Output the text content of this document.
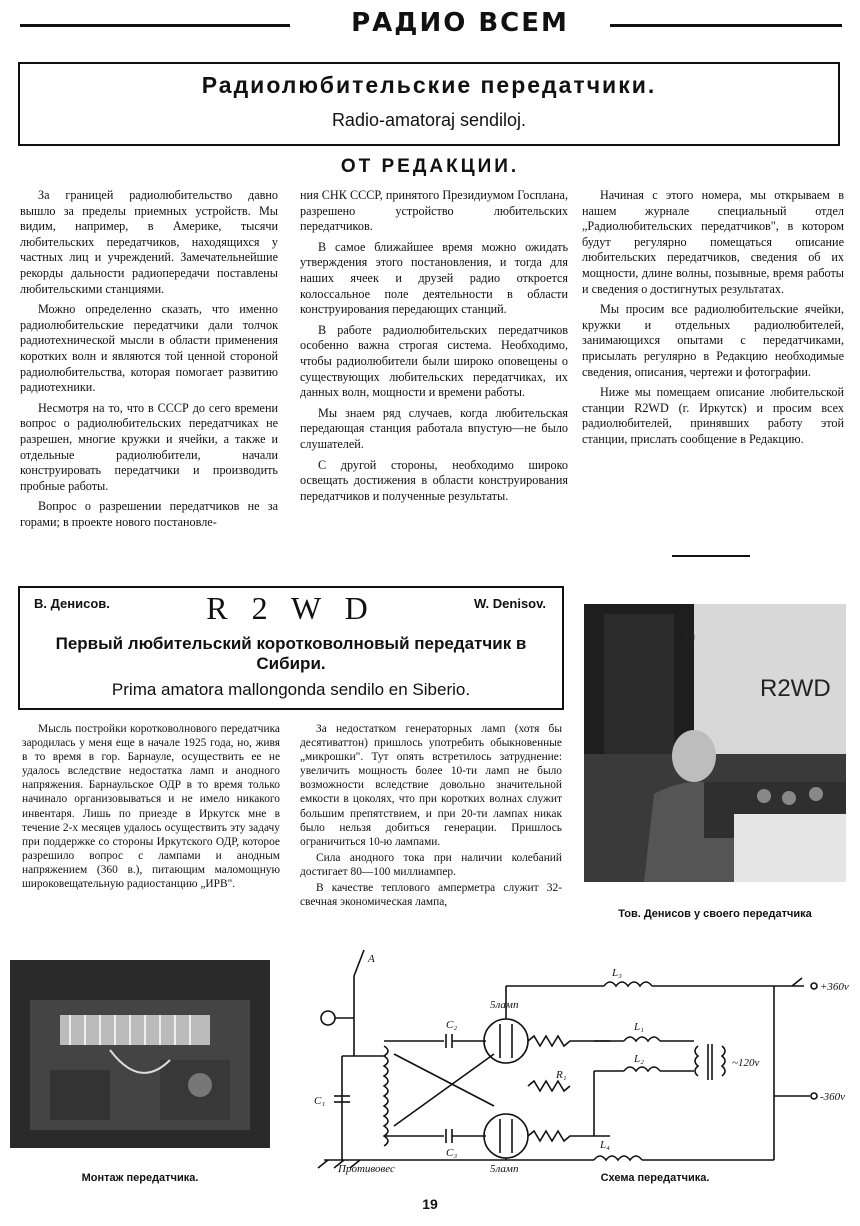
РАДИО ВСЕМ
Радиолюбительские передатчики.
Radio-amatoraj sendiloj.
ОТ РЕДАКЦИИ.

За границей радиолюбительство давно вышло за пределы приемных устройств. Мы видим, например, в Америке, тысячи любительских передатчиков, находящихся у частных лиц и учреждений. Замечательнейшие рекорды дальности радиопередачи поставлены любительскими станциями.

Можно определенно сказать, что именно радиолюбительские передатчики дали толчок радиотехнической мысли в области применения коротких волн и являются той ценной стороной радиолюбительства, которая помогает развитию радиотехники.

Несмотря на то, что в СССР до сего времени вопрос о радиолюбительских передатчиках не разрешен, многие кружки и ячейки, а также и отдельные радиолюбители, начали конструировать передатчики и производить пробные работы.

Вопрос о разрешении передатчиков не за горами; в проекте нового постановле-

ния СНК СССР, принятого Президиумом Госплана, разрешено устройство любительских передатчиков.

В самое ближайшее время можно ожидать утверждения этого постановления, и тогда для наших ячеек и друзей радио откроется колоссальное поле деятельности в области конструирования передающих станций.

В работе радиолюбительских передатчиков особенно важна строгая система. Необходимо, чтобы радиолюбители были широко оповещены о существующих любительских передатчиках, их данных волн, мощности и времени работы.

Мы знаем ряд случаев, когда любительская передающая станция работала впустую—не было слушателей.

С другой стороны, необходимо широко освещать достижения в области конструирования передатчиков и полученные результаты.

Начиная с этого номера, мы открываем в нашем журнале специальный отдел „Радиолюбительских передатчиков", в котором будут регулярно помещаться описание любительских передатчиков, сведения об их мощности, длине волны, позывные, время работы и сведения о достигнутых результатах.

Мы просим все радиолюбительские ячейки, кружки и отдельных радиолюбителей, занимающихся опытами с передатчиками, присылать регулярно в Редакцию необходимые сведения, описания, чертежи и фотографии.

Ниже мы помещаем описание любительской станции R2WD (г. Иркутск) и просим всех радиолюбителей, принявших работу этой станции, прислать сообщение в Редакцию.

В. Денисов.	R 2 W D	W. Denisov.
Первый любительский коротковолновый передатчик в Сибири.
Prima amatora mallongonda sendilo en Siberio.

Мысль постройки коротковолнового передатчика зародилась у меня еще в начале 1925 года, но, живя в то время в гор. Барнауле, осуществить ее не удалось вследствие недостатка ламп и анодного напряжения. Барнаульское ОДР в то время только начинало организовываться и не имело никакого инвентаря. Лишь по приезде в Иркутск мне в течение 2-х месяцев удалось осуществить эту задачу при поддержке со стороны Иркутского ОДР, которое разрешило вопрос с лампами и анодным напряжением (360 в.), питающим маломощную широковещательную радиостанцию „ИРВ".

За недостатком генераторных ламп (хотя бы десятиваттон) пришлось употребить обыкновенные „микрошки". Тут опять встретилось затруднение: увеличить мощность более 10-ти ламп не было возможности вследствие довольно значительной емкости в цоколях, что при коротких волнах служит большим препятствием, и при 20-ти лампах никак было нельзя добиться генерации. Пришлось ограничиться 10-ю лампами.

Сила анодного тока при наличии колебаний достигает 80—100 миллиампер.

В качестве теплового амперметра служит 32-свечная экономическая лампа,

0
R2WD
Тов. Денисов у своего передатчика
Монтаж передатчика.
A
C₁
C₂
C₃
5ламп
5ламп
R₁
L₃
L₄
L₁
L₂	~120v
+360v
-360v
Противовес
Схема передатчика.
19
